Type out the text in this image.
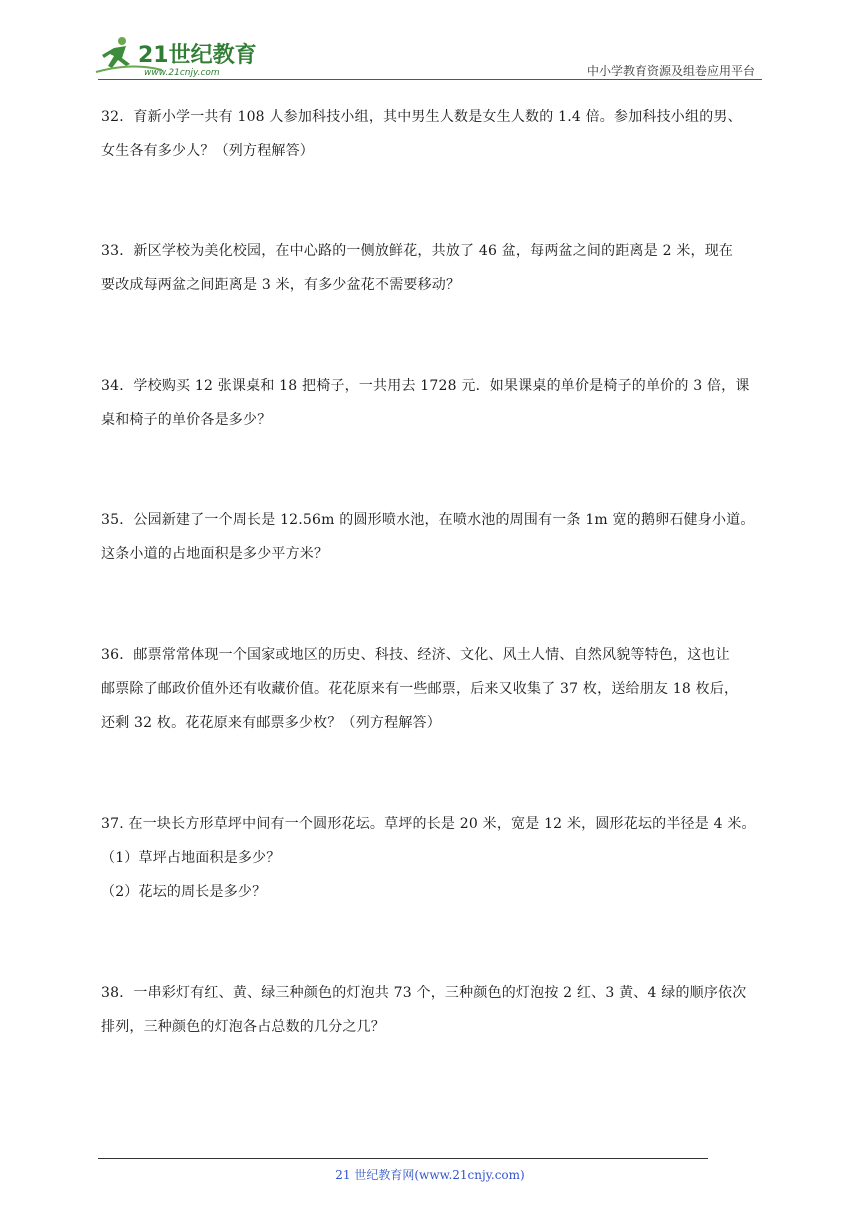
21世纪教育
www.21cnjy.com	中小学教育资源及组卷应用平台
32．育新小学一共有 108 人参加科技小组，其中男生人数是女生人数的 1.4 倍。参加科技小组的男、
女生各有多少人？（列方程解答）
33．新区学校为美化校园，在中心路的一侧放鲜花，共放了 46 盆，每两盆之间的距离是 2 米，现在
要改成每两盆之间距离是 3 米，有多少盆花不需要移动？
34．学校购买 12 张课桌和 18 把椅子，一共用去 1728 元．如果课桌的单价是椅子的单价的 3 倍，课
桌和椅子的单价各是多少？
35．公园新建了一个周长是 12.56m 的圆形喷水池，在喷水池的周围有一条 1m 宽的鹅卵石健身小道。
这条小道的占地面积是多少平方米？
36．邮票常常体现一个国家或地区的历史、科技、经济、文化、风土人情、自然风貌等特色，这也让
邮票除了邮政价值外还有收藏价值。花花原来有一些邮票，后来又收集了 37 枚，送给朋友 18 枚后，
还剩 32 枚。花花原来有邮票多少枚？（列方程解答）
37. 在一块长方形草坪中间有一个圆形花坛。草坪的长是 20 米，宽是 12 米，圆形花坛的半径是 4 米。
（1）草坪占地面积是多少？
（2）花坛的周长是多少？
38．一串彩灯有红、黄、绿三种颜色的灯泡共 73 个，三种颜色的灯泡按 2 红、3 黄、4 绿的顺序依次
排列，三种颜色的灯泡各占总数的几分之几？
21 世纪教育网(www.21cnjy.com)
